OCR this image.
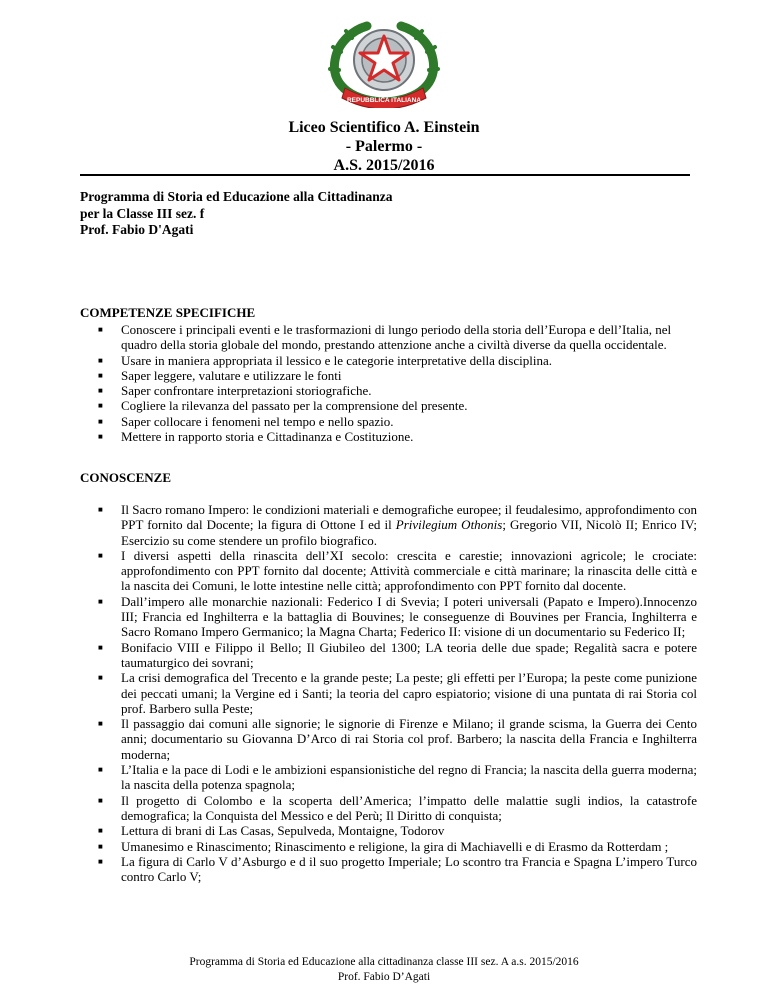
REPUBBLICA ITALIANA
Liceo Scientifico A. Einstein
- Palermo -
A.S. 2015/2016
Programma di Storia ed Educazione alla Cittadinanza
per la Classe III sez. f
Prof. Fabio D'Agati
COMPETENZE SPECIFICHE
■ Conoscere i principali eventi e le trasformazioni di lungo periodo della storia dell’Europa e dell’Italia, nel quadro della storia globale del mondo, prestando attenzione anche a civiltà diverse da quella occidentale.
■ Usare in maniera appropriata il lessico e le categorie interpretative della disciplina.
■ Saper leggere, valutare e utilizzare le fonti
■ Saper confrontare interpretazioni storiografiche.
■ Cogliere la rilevanza del passato per la comprensione del presente.
■ Saper collocare i fenomeni nel tempo e nello spazio.
■ Mettere in rapporto storia e Cittadinanza e Costituzione.
CONOSCENZE
■ Il Sacro romano Impero: le condizioni materiali e demografiche europee; il feudalesimo, approfondimento con PPT fornito dal Docente; la figura di Ottone I ed il Privilegium Othonis; Gregorio VII, Nicolò II; Enrico IV; Esercizio su come stendere un profilo biografico.
■ I diversi aspetti della rinascita dell’XI secolo: crescita e carestie; innovazioni agricole; le crociate: approfondimento con PPT fornito dal docente; Attività commerciale e città marinare; la rinascita delle città e la nascita dei Comuni, le lotte intestine nelle città; approfondimento con PPT fornito dal docente.
■ Dall’impero alle monarchie nazionali: Federico I di Svevia; I poteri universali (Papato e Impero).Innocenzo III; Francia ed Inghilterra e la battaglia di Bouvines; le conseguenze di Bouvines per Francia, Inghilterra e Sacro Romano Impero Germanico; la Magna Charta; Federico II: visione di un documentario su Federico II;
■ Bonifacio VIII e Filippo il Bello; Il Giubileo del 1300; LA teoria delle due spade; Regalità sacra e potere taumaturgico dei sovrani;
■ La crisi demografica del Trecento e la grande peste; La peste; gli effetti per l’Europa; la peste come punizione dei peccati umani; la Vergine ed i Santi; la teoria del capro espiatorio; visione di una puntata di rai Storia col prof. Barbero sulla Peste;
■ Il passaggio dai comuni alle signorie; le signorie di Firenze e Milano; il grande scisma, la Guerra dei Cento anni; documentario su Giovanna D’Arco di rai Storia col prof. Barbero; la nascita della Francia e Inghilterra moderna;
■ L’Italia e la pace di Lodi e le ambizioni espansionistiche del regno di Francia; la nascita della guerra moderna; la nascita della potenza spagnola;
■ Il progetto di Colombo e la scoperta dell’America; l’impatto delle malattie sugli indios, la catastrofe demografica; la Conquista del Messico e del Perù; Il Diritto di conquista;
■ Lettura di brani di Las Casas, Sepulveda, Montaigne, Todorov
■ Umanesimo e Rinascimento; Rinascimento e religione, la gira di Machiavelli e di Erasmo da Rotterdam ;
■ La figura di Carlo V d’Asburgo e d il suo progetto Imperiale; Lo scontro tra Francia e Spagna L’impero Turco contro Carlo V;
Programma di Storia ed Educazione alla cittadinanza classe III sez. A a.s. 2015/2016
Prof. Fabio D’Agati
